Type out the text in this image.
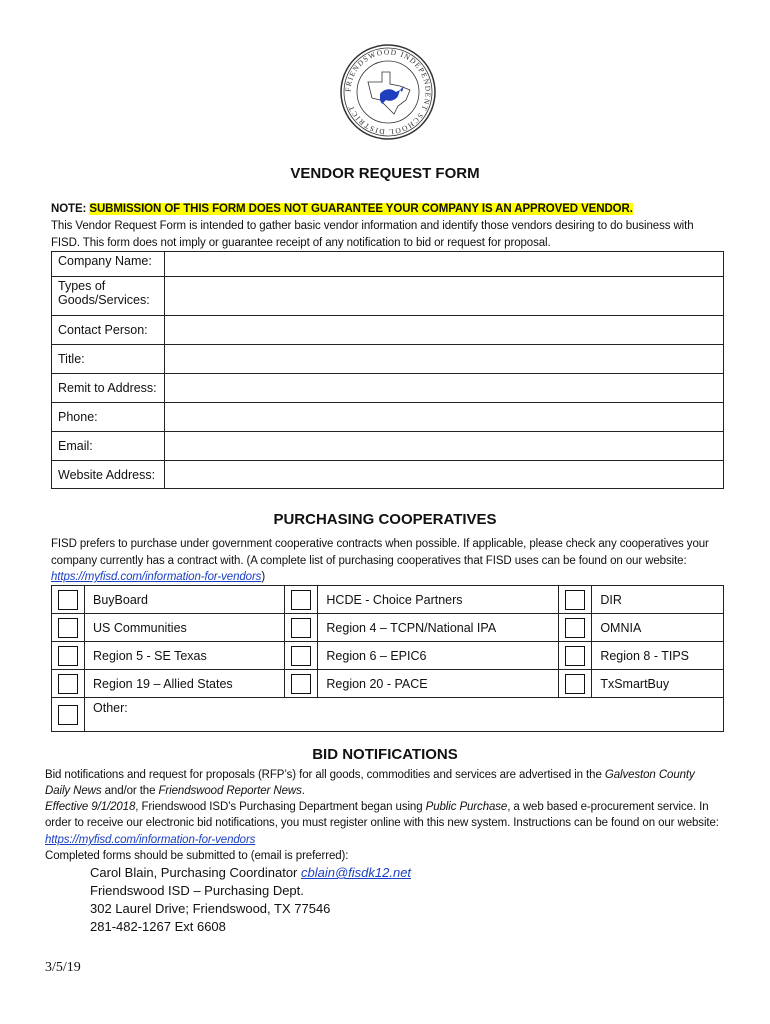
FRIENDSWOOD INDEPENDENT SCHOOL DISTRICT
VENDOR REQUEST FORM
NOTE: SUBMISSION OF THIS FORM DOES NOT GUARANTEE YOUR COMPANY IS AN APPROVED VENDOR.
This Vendor Request Form is intended to gather basic vendor information and identify those vendors desiring to do business with
FISD. This form does not imply or guarantee receipt of any notification to bid or request for proposal.
Company Name:	
Types of Goods/Services:	
Contact Person:	
Title:	
Remit to Address:	
Phone:	
Email:	
Website Address:	
PURCHASING COOPERATIVES
FISD prefers to purchase under government cooperative contracts when possible. If applicable, please check any cooperatives your
company currently has a contract with. (A complete list of purchasing cooperatives that FISD uses can be found on our website:
https://myfisd.com/information-for-vendors)
	BuyBoard		HCDE - Choice Partners		DIR
	US Communities		Region 4 – TCPN/National IPA		OMNIA
	Region 5 - SE Texas		Region 6 – EPIC6		Region 8 - TIPS
	Region 19 – Allied States		Region 20 - PACE		TxSmartBuy
	Other:				
BID NOTIFICATIONS
Bid notifications and request for proposals (RFP’s) for all goods, commodities and services are advertised in the Galveston County
Daily News and/or the Friendswood Reporter News.
Effective 9/1/2018, Friendswood ISD’s Purchasing Department began using Public Purchase, a web based e-procurement service. In
order to receive our electronic bid notifications, you must register online with this new system. Instructions can be found on our website:
https://myfisd.com/information-for-vendors
Completed forms should be submitted to (email is preferred):
Carol Blain, Purchasing Coordinator cblain@fisdk12.net
Friendswood ISD – Purchasing Dept.
302 Laurel Drive; Friendswood, TX 77546
281-482-1267 Ext 6608
3/5/19
